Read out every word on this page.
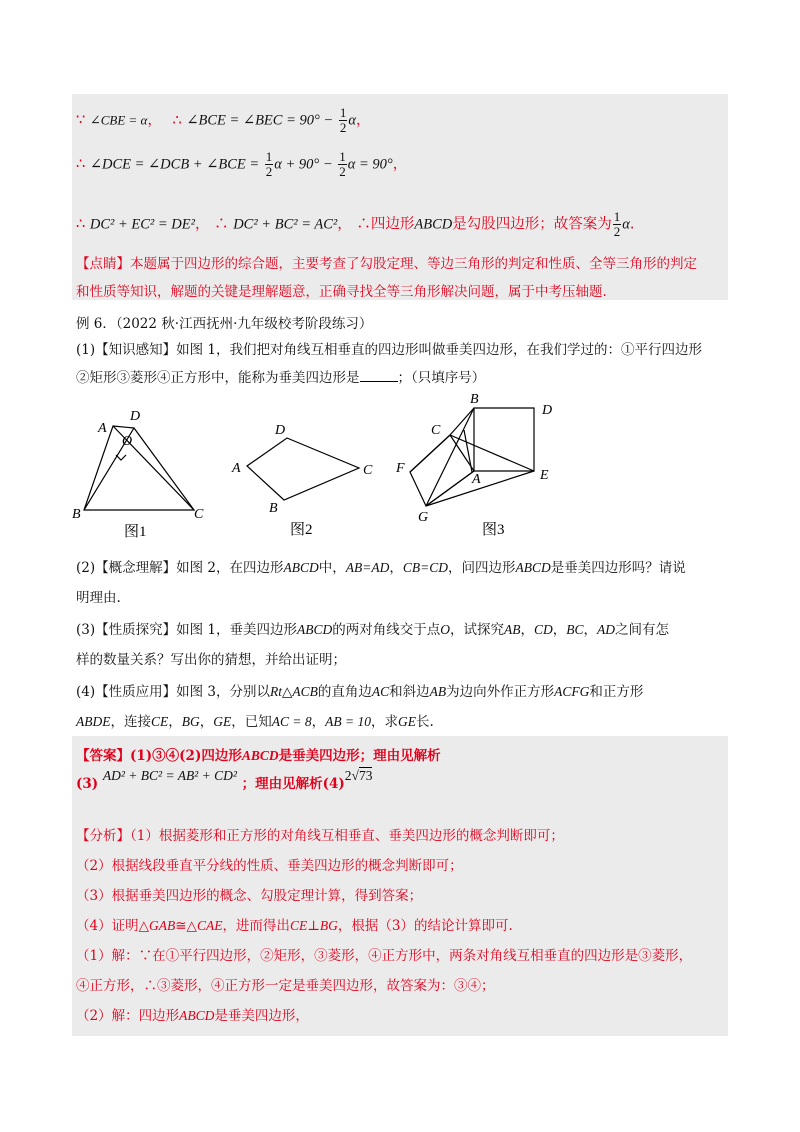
∵ ∠CBE = α， ∴ ∠BCE = ∠BEC = $90^\circ - \frac{1}{2}$ α，
∴ ∠DCE = ∠DCB + ∠BCE = $\frac{1}{2}$ $\alpha + 90^\circ - \frac{1}{2}$ α = 90°，
∴ DC² + EC² = DE²， ∴ DC² + BC² = AC²， ∴四边形ABCD是勾股四边形；故答案为 $\frac{1}{2} \alpha$.
【点睛】本题属于四边形的综合题，主要考查了勾股定理、等边三角形的判定和性质、全等三角形的判定
和性质等知识，解题的关键是理解题意，正确寻找全等三角形解决问题，属于中考压轴题.
例 6．（2022 秋·江西抚州·九年级校考阶段练习）
(1)【知识感知】如图 1，我们把对角线互相垂直的四边形叫做垂美四边形，在我们学过的：①平行四边形
②矩形③菱形④正方形中，能称为垂美四边形是	；（只填序号）
D
A
O
B	C
图1
D
A	C
B
图2
B
D
C
F
A	E
G
图3
(2)【概念理解】如图 2，在四边形ABCD中，AB=AD，CB=CD，问四边形ABCD是垂美四边形吗？请说
明理由.
(3)【性质探究】如图 1，垂美四边形ABCD的两对角线交于点O，试探究AB，CD，BC，AD之间有怎
样的数量关系？写出你的猜想，并给出证明；
(4)【性质应用】如图 3，分别以Rt△ACB的直角边AC和斜边AB为边向外作正方形ACFG和正方形
ABDE，连接CE，BG，GE，已知AC = 8，AB = 10，求GE长.
【答案】(1)③④(2)四边形ABCD是垂美四边形；理由见解析
(3) AD² + BC² = AB² + CD² ；理由见解析(4)2√73
【分析】（1）根据菱形和正方形的对角线互相垂直、垂美四边形的概念判断即可；
（2）根据线段垂直平分线的性质、垂美四边形的概念判断即可；
（3）根据垂美四边形的概念、勾股定理计算，得到答案；
（4）证明△GAB≅△CAE，进而得出CE⊥BG，根据（3）的结论计算即可.
（1）解：∵在①平行四边形，②矩形，③菱形，④正方形中，两条对角线互相垂直的四边形是③菱形，
④正方形，∴③菱形，④正方形一定是垂美四边形，故答案为：③④；
（2）解：四边形ABCD是垂美四边形，
